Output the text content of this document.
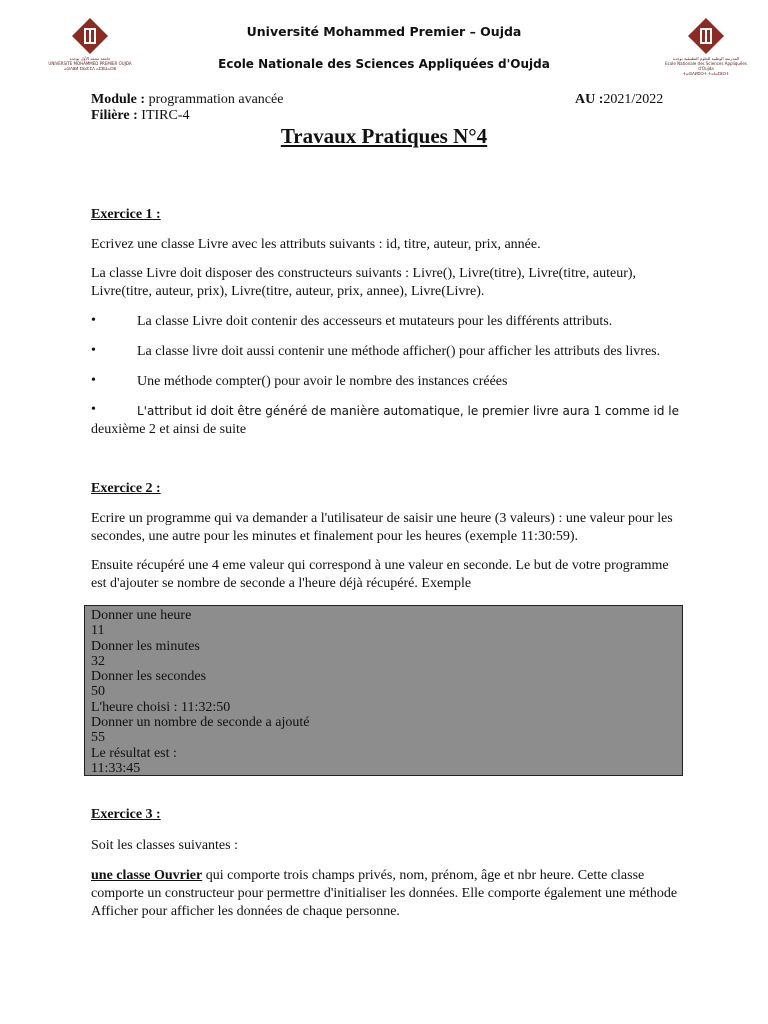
جامعة محمد الأول بوجدة
UNIVERSITE MOHAMMED PREMIER OUJDA
ⴰⵙⴷⵓⵍ ⵎⵓⵃⵎⵎⴷ ⴰⵎⵣⵡⴰⵔⵓ
المدرسة الوطنية للعلوم التطبيقية بوجدة
Ecole Nationale des Sciences Appliquées d'Oujda
ⵜⴰⵙⴷⵍⵉⵙⵜ ⵜⴰⵏⴰⵎⵓⵔⵜ
Université Mohammed Premier – Oujda
Ecole Nationale des Sciences Appliquées d'Oujda
Module : programmation avancée
Filière : ITIRC-4
AU :2021/2022
Travaux Pratiques N°4
Exercice 1 :
Ecrivez une classe Livre avec les attributs suivants : id, titre, auteur, prix, année.
La classe Livre doit disposer des constructeurs suivants : Livre(), Livre(titre), Livre(titre, auteur), Livre(titre, auteur, prix), Livre(titre, auteur, prix, annee), Livre(Livre).
•	La classe Livre doit contenir des accesseurs et mutateurs pour les différents attributs.
•	La classe livre doit aussi contenir une méthode afficher() pour afficher les attributs des livres.
•	Une méthode compter() pour avoir le nombre des instances créées
•	L'attribut id doit être généré de manière automatique, le premier livre aura 1 comme id le
deuxième 2 et ainsi de suite
Exercice 2 :
Ecrire un programme qui va demander a l'utilisateur de saisir une heure (3 valeurs) : une valeur pour les secondes, une autre pour les minutes et finalement pour les heures (exemple 11:30:59).
Ensuite récupéré une 4 eme valeur qui correspond à une valeur en seconde. Le but de votre programme est d'ajouter se nombre de seconde a l'heure déjà récupéré. Exemple
Donner une heure
11
Donner les minutes
32
Donner les secondes
50
L'heure choisi : 11:32:50
Donner un nombre de seconde a ajouté
55
Le résultat est :
11:33:45
Exercice 3 :
Soit les classes suivantes :
une classe Ouvrier qui comporte trois champs privés, nom, prénom, âge et nbr heure. Cette classe comporte un constructeur pour permettre d'initialiser les données. Elle comporte également une méthode Afficher pour afficher les données de chaque personne.
